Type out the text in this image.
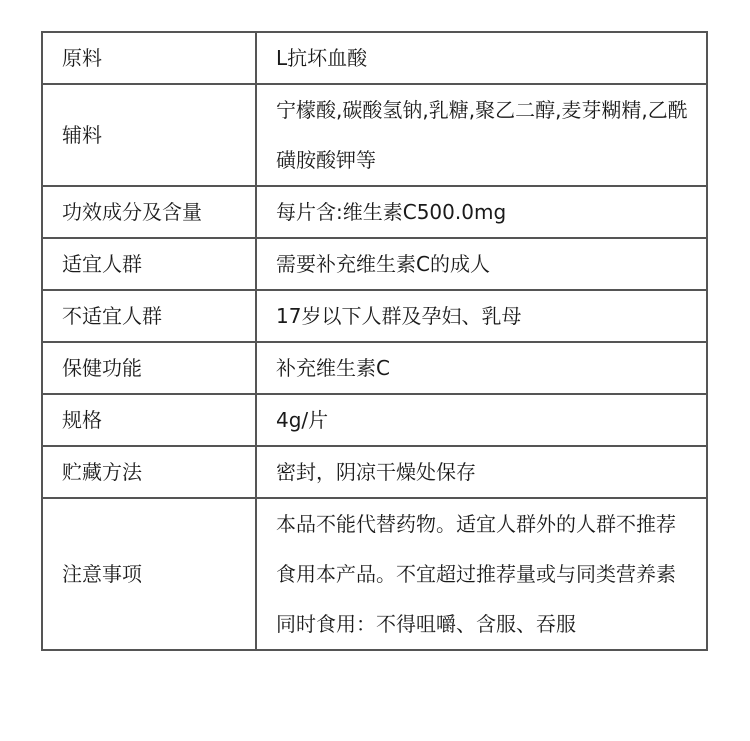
原料	L抗坏血酸
辅料	宁檬酸,碳酸氢钠,乳糖,聚乙二醇,麦芽糊精,乙酰磺胺酸钾等
功效成分及含量	每片含:维生素C500.0mg
适宜人群	需要补充维生素C的成人
不适宜人群	17岁以下人群及孕妇、乳母
保健功能	补充维生素C
规格	4g/片
贮藏方法	密封，阴凉干燥处保存
注意事项	本品不能代替药物。适宜人群外的人群不推荐食用本产品。不宜超过推荐量或与同类营养素同时食用：不得咀嚼、含服、吞服
